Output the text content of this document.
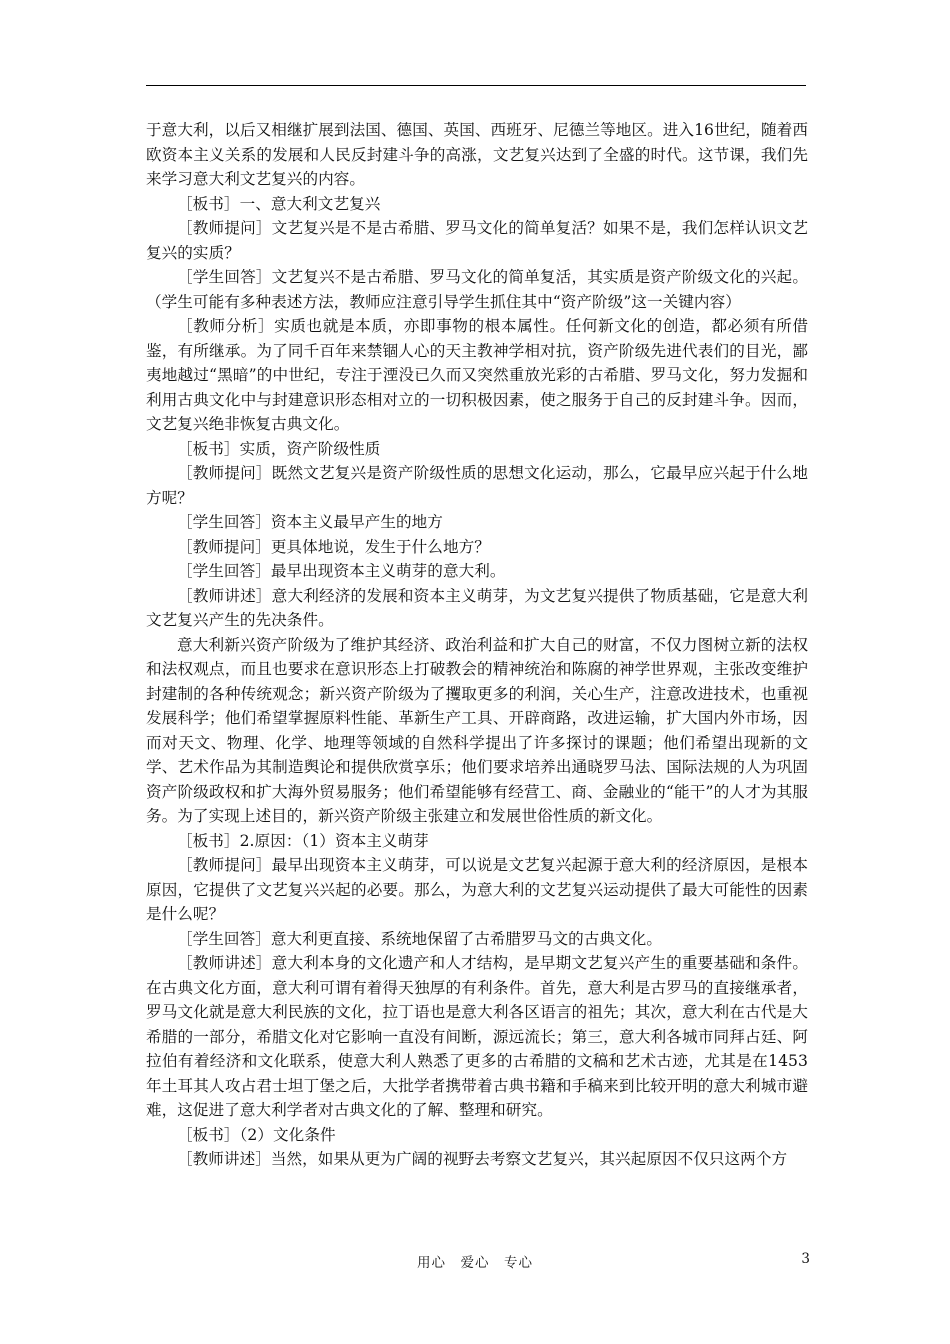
于意大利，以后又相继扩展到法国、德国、英国、西班牙、尼德兰等地区。进入16世纪，随着西欧资本主义关系的发展和人民反封建斗争的高涨，文艺复兴达到了全盛的时代。这节课，我们先来学习意大利文艺复兴的内容。

［板书］一、意大利文艺复兴

［教师提问］文艺复兴是不是古希腊、罗马文化的简单复活？如果不是，我们怎样认识文艺复兴的实质？

［学生回答］文艺复兴不是古希腊、罗马文化的简单复活，其实质是资产阶级文化的兴起。（学生可能有多种表述方法，教师应注意引导学生抓住其中“资产阶级”这一关键内容）

［教师分析］实质也就是本质，亦即事物的根本属性。任何新文化的创造，都必须有所借鉴，有所继承。为了同千百年来禁锢人心的天主教神学相对抗，资产阶级先进代表们的目光，鄙夷地越过“黑暗”的中世纪，专注于湮没已久而又突然重放光彩的古希腊、罗马文化，努力发掘和利用古典文化中与封建意识形态相对立的一切积极因素，使之服务于自己的反封建斗争。因而，文艺复兴绝非恢复古典文化。

［板书］实质，资产阶级性质

［教师提问］既然文艺复兴是资产阶级性质的思想文化运动，那么，它最早应兴起于什么地方呢？

［学生回答］资本主义最早产生的地方

［教师提问］更具体地说，发生于什么地方？

［学生回答］最早出现资本主义萌芽的意大利。

［教师讲述］意大利经济的发展和资本主义萌芽，为文艺复兴提供了物质基础，它是意大利文艺复兴产生的先决条件。

意大利新兴资产阶级为了维护其经济、政治利益和扩大自己的财富，不仅力图树立新的法权和法权观点，而且也要求在意识形态上打破教会的精神统治和陈腐的神学世界观，主张改变维护封建制的各种传统观念；新兴资产阶级为了攫取更多的利润，关心生产，注意改进技术，也重视发展科学；他们希望掌握原料性能、革新生产工具、开辟商路，改进运输，扩大国内外市场，因而对天文、物理、化学、地理等领域的自然科学提出了许多探讨的课题；他们希望出现新的文学、艺术作品为其制造舆论和提供欣赏享乐；他们要求培养出通晓罗马法、国际法规的人为巩固资产阶级政权和扩大海外贸易服务；他们希望能够有经营工、商、金融业的“能干”的人才为其服务。为了实现上述目的，新兴资产阶级主张建立和发展世俗性质的新文化。

［板书］2.原因：（1）资本主义萌芽

［教师提问］最早出现资本主义萌芽，可以说是文艺复兴起源于意大利的经济原因，是根本原因，它提供了文艺复兴兴起的必要。那么，为意大利的文艺复兴运动提供了最大可能性的因素是什么呢？

［学生回答］意大利更直接、系统地保留了古希腊罗马文的古典文化。

［教师讲述］意大利本身的文化遗产和人才结构，是早期文艺复兴产生的重要基础和条件。在古典文化方面，意大利可谓有着得天独厚的有利条件。首先，意大利是古罗马的直接继承者，罗马文化就是意大利民族的文化，拉丁语也是意大利各区语言的祖先；其次，意大利在古代是大希腊的一部分，希腊文化对它影响一直没有间断，源远流长；第三，意大利各城市同拜占廷、阿拉伯有着经济和文化联系，使意大利人熟悉了更多的古希腊的文稿和艺术古迹，尤其是在1453年土耳其人攻占君士坦丁堡之后，大批学者携带着古典书籍和手稿来到比较开明的意大利城市避难，这促进了意大利学者对古典文化的了解、整理和研究。

［板书］（2）文化条件

［教师讲述］当然，如果从更为广阔的视野去考察文艺复兴，其兴起原因不仅只这两个方

用心　爱心　专心	3
